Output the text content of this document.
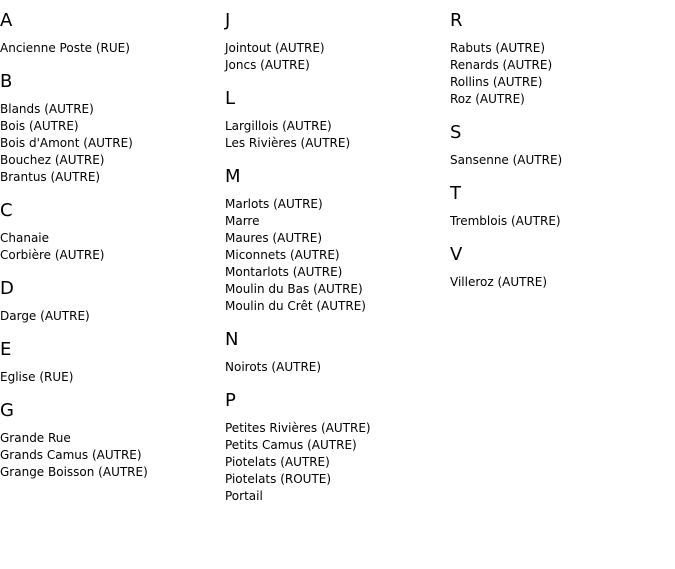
A
Ancienne Poste (RUE)
B
Blands (AUTRE)
Bois (AUTRE)
Bois d'Amont (AUTRE)
Bouchez (AUTRE)
Brantus (AUTRE)
C
Chanaie
Corbière (AUTRE)
D
Darge (AUTRE)
E
Eglise (RUE)
G
Grande Rue
Grands Camus (AUTRE)
Grange Boisson (AUTRE)
J
Jointout (AUTRE)
Joncs (AUTRE)
L
Largillois (AUTRE)
Les Rivières (AUTRE)
M
Marlots (AUTRE)
Marre
Maures (AUTRE)
Miconnets (AUTRE)
Montarlots (AUTRE)
Moulin du Bas (AUTRE)
Moulin du Crêt (AUTRE)
N
Noirots (AUTRE)
P
Petites Rivières (AUTRE)
Petits Camus (AUTRE)
Piotelats (AUTRE)
Piotelats (ROUTE)
Portail
R
Rabuts (AUTRE)
Renards (AUTRE)
Rollins (AUTRE)
Roz (AUTRE)
S
Sansenne (AUTRE)
T
Tremblois (AUTRE)
V
Villeroz (AUTRE)
